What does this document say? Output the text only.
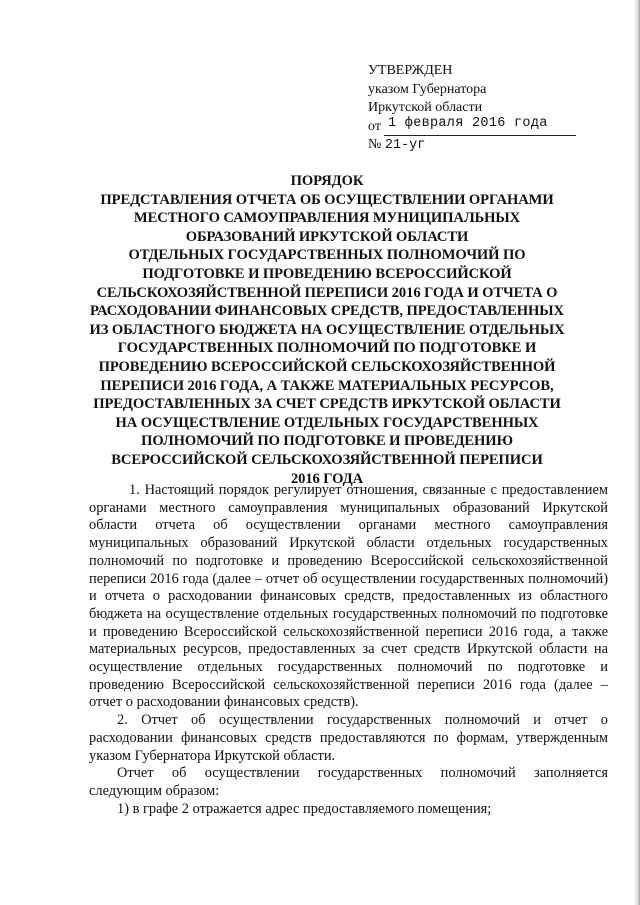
УТВЕРЖДЕН
указом Губернатора
Иркутской области
от 1 февраля 2016 года
№ 21-уг
ПОРЯДОК
ПРЕДСТАВЛЕНИЯ ОТЧЕТА ОБ ОСУЩЕСТВЛЕНИИ ОРГАНАМИ
МЕСТНОГО САМОУПРАВЛЕНИЯ МУНИЦИПАЛЬНЫХ
ОБРАЗОВАНИЙ ИРКУТСКОЙ ОБЛАСТИ
ОТДЕЛЬНЫХ ГОСУДАРСТВЕННЫХ ПОЛНОМОЧИЙ ПО
ПОДГОТОВКЕ И ПРОВЕДЕНИЮ ВСЕРОССИЙСКОЙ
СЕЛЬСКОХОЗЯЙСТВЕННОЙ ПЕРЕПИСИ 2016 ГОДА И ОТЧЕТА О
РАСХОДОВАНИИ ФИНАНСОВЫХ СРЕДСТВ, ПРЕДОСТАВЛЕННЫХ
ИЗ ОБЛАСТНОГО БЮДЖЕТА НА ОСУЩЕСТВЛЕНИЕ ОТДЕЛЬНЫХ
ГОСУДАРСТВЕННЫХ ПОЛНОМОЧИЙ ПО ПОДГОТОВКЕ И
ПРОВЕДЕНИЮ ВСЕРОССИЙСКОЙ СЕЛЬСКОХОЗЯЙСТВЕННОЙ
ПЕРЕПИСИ 2016 ГОДА, А ТАКЖЕ МАТЕРИАЛЬНЫХ РЕСУРСОВ,
ПРЕДОСТАВЛЕННЫХ ЗА СЧЕТ СРЕДСТВ ИРКУТСКОЙ ОБЛАСТИ
НА ОСУЩЕСТВЛЕНИЕ ОТДЕЛЬНЫХ ГОСУДАРСТВЕННЫХ
ПОЛНОМОЧИЙ ПО ПОДГОТОВКЕ И ПРОВЕДЕНИЮ
ВСЕРОССИЙСКОЙ СЕЛЬСКОХОЗЯЙСТВЕННОЙ ПЕРЕПИСИ
2016 ГОДА

1. Настоящий порядок регулирует отношения, связанные с предоставлением органами местного самоуправления муниципальных образований Иркутской области отчета об осуществлении органами местного самоуправления муниципальных образований Иркутской области отдельных государственных полномочий по подготовке и проведению Всероссийской сельскохозяйственной переписи 2016 года (далее – отчет об осуществлении государственных полномочий) и отчета о расходовании финансовых средств, предоставленных из областного бюджета на осуществление отдельных государственных полномочий по подготовке и проведению Всероссийской сельскохозяйственной переписи 2016 года, а также материальных ресурсов, предоставленных за счет средств Иркутской области на осуществление отдельных государственных полномочий по подготовке и проведению Всероссийской сельскохозяйственной переписи 2016 года (далее – отчет о расходовании финансовых средств).

2. Отчет об осуществлении государственных полномочий и отчет о расходовании финансовых средств предоставляются по формам, утвержденным указом Губернатора Иркутской области.

Отчет об осуществлении государственных полномочий заполняется следующим образом:

1) в графе 2 отражается адрес предоставляемого помещения;
